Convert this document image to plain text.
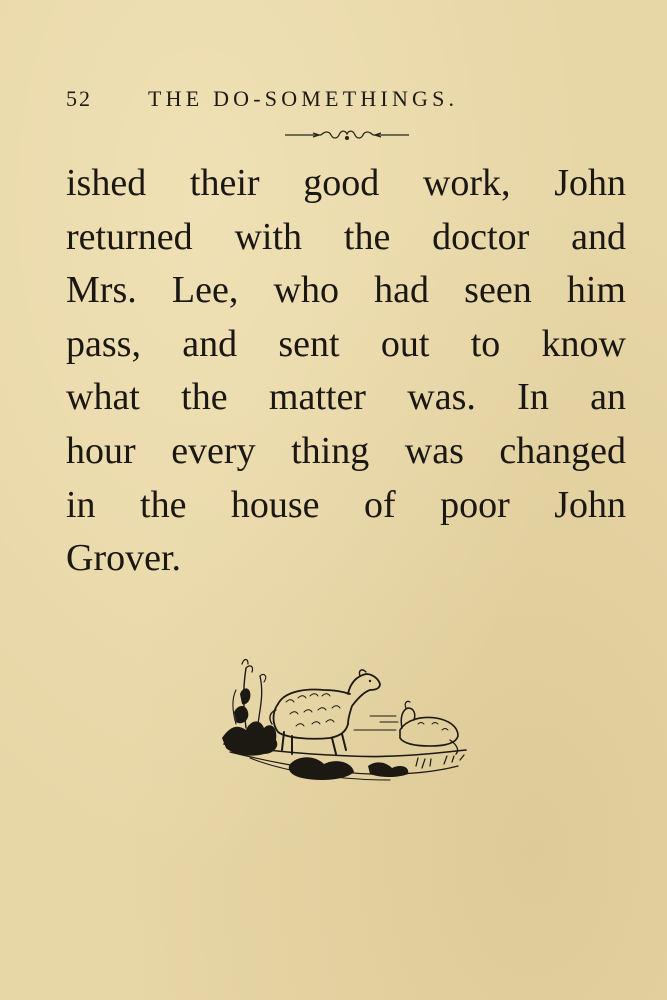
52	THE DO-SOMETHINGS.
ished their good work, John
returned with the doctor and
Mrs. Lee, who had seen him
pass, and sent out to know
what the matter was. In an
hour every thing was changed
in the house of poor John
Grover.
